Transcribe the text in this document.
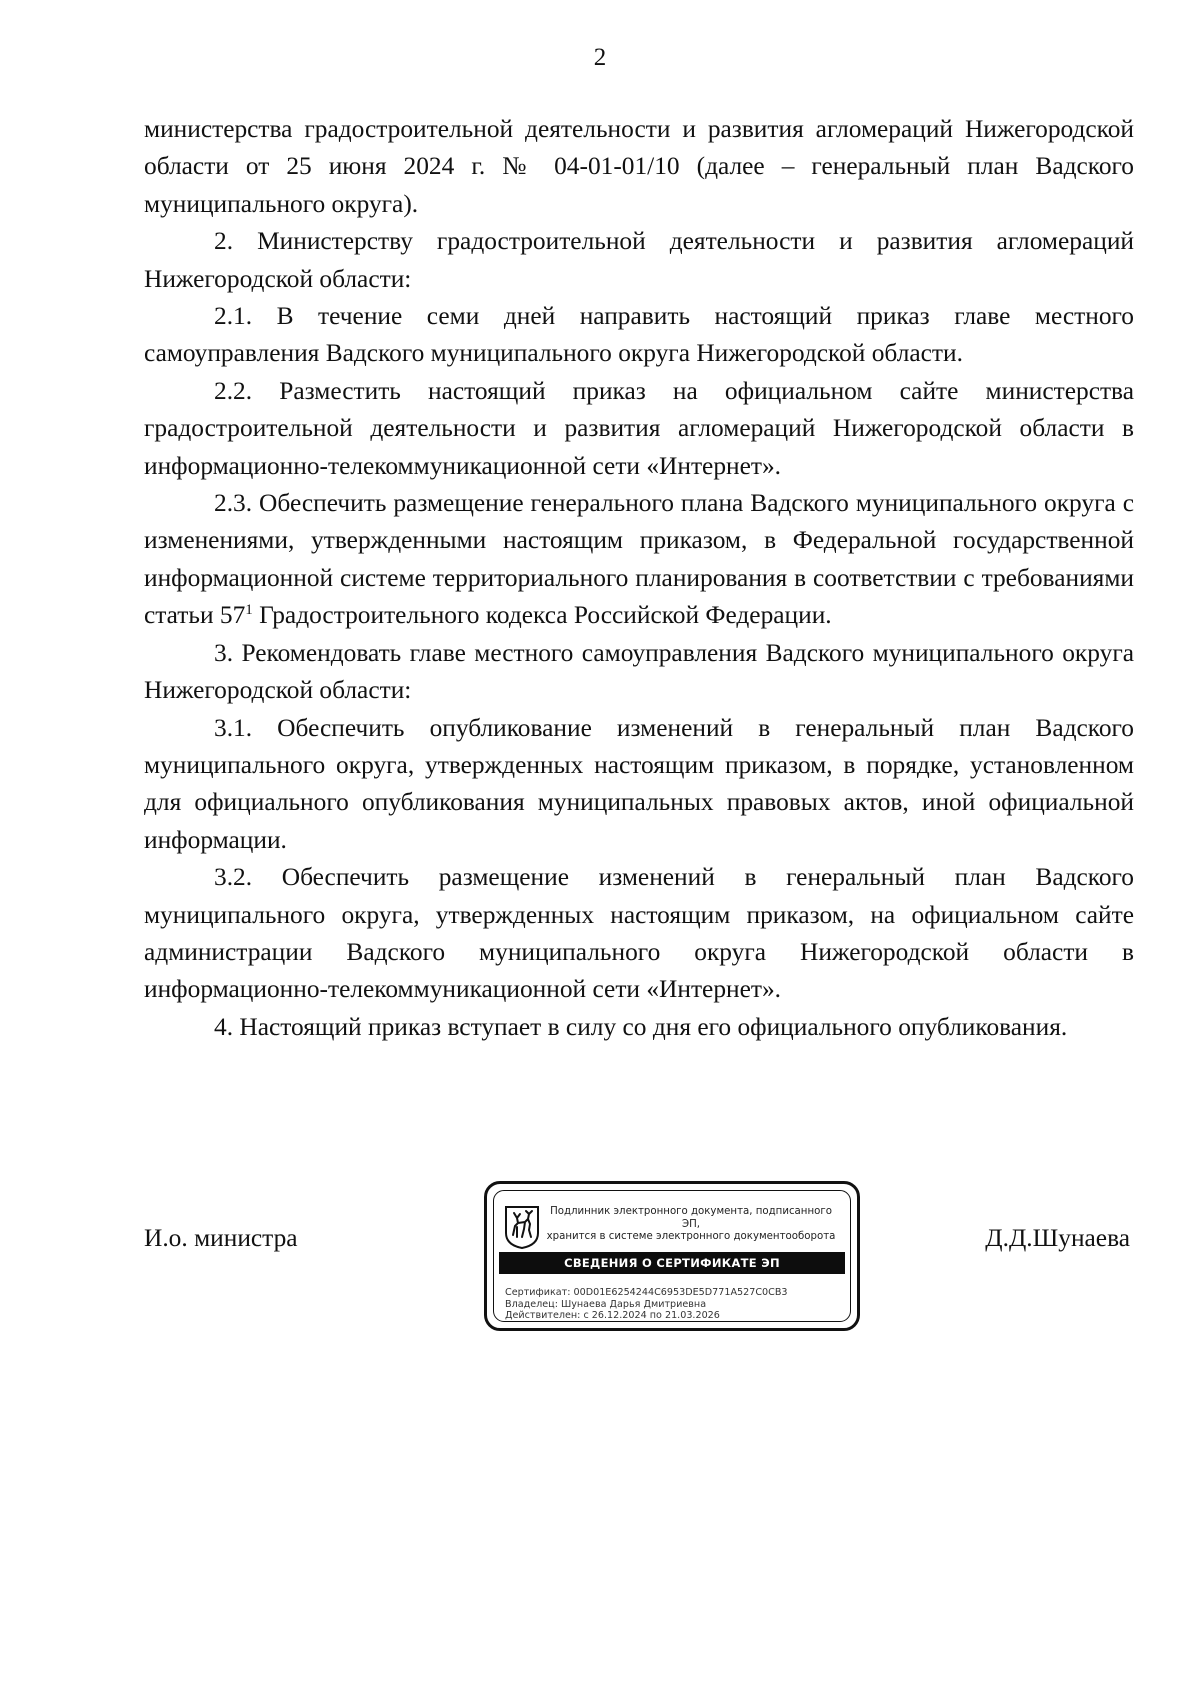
2

министерства градостроительной деятельности и развития агломераций Нижегородской области от 25 июня 2024 г. № 04-01-01/10 (далее – генеральный план Вадского муниципального округа).

2. Министерству градостроительной деятельности и развития агломераций Нижегородской области:

2.1. В течение семи дней направить настоящий приказ главе местного самоуправления Вадского муниципального округа Нижегородской области.

2.2. Разместить настоящий приказ на официальном сайте министерства градостроительной деятельности и развития агломераций Нижегородской области в информационно-телекоммуникационной сети «Интернет».

2.3. Обеспечить размещение генерального плана Вадского муниципального округа с изменениями, утвержденными настоящим приказом, в Федеральной государственной информационной системе территориального планирования в соответствии с требованиями статьи $57^1$ Градостроительного кодекса Российской Федерации.

3. Рекомендовать главе местного самоуправления Вадского муниципального округа Нижегородской области:

3.1. Обеспечить опубликование изменений в генеральный план Вадского муниципального округа, утвержденных настоящим приказом, в порядке, установленном для официального опубликования муниципальных правовых актов, иной официальной информации.

3.2. Обеспечить размещение изменений в генеральный план Вадского муниципального округа, утвержденных настоящим приказом, на официальном сайте администрации Вадского муниципального округа Нижегородской области в информационно-телекоммуникационной сети «Интернет».

4. Настоящий приказ вступает в силу со дня его официального опубликования.

И.о. министра	Д.Д.Шунаева
Подлинник электронного документа, подписанного ЭП,
хранится в системе электронного документооборота
СВЕДЕНИЯ О СЕРТИФИКАТЕ ЭП
Сертификат: 00D01E6254244C6953DE5D771A527C0CB3
Владелец: Шунаева Дарья Дмитриевна
Действителен: с 26.12.2024 по 21.03.2026
